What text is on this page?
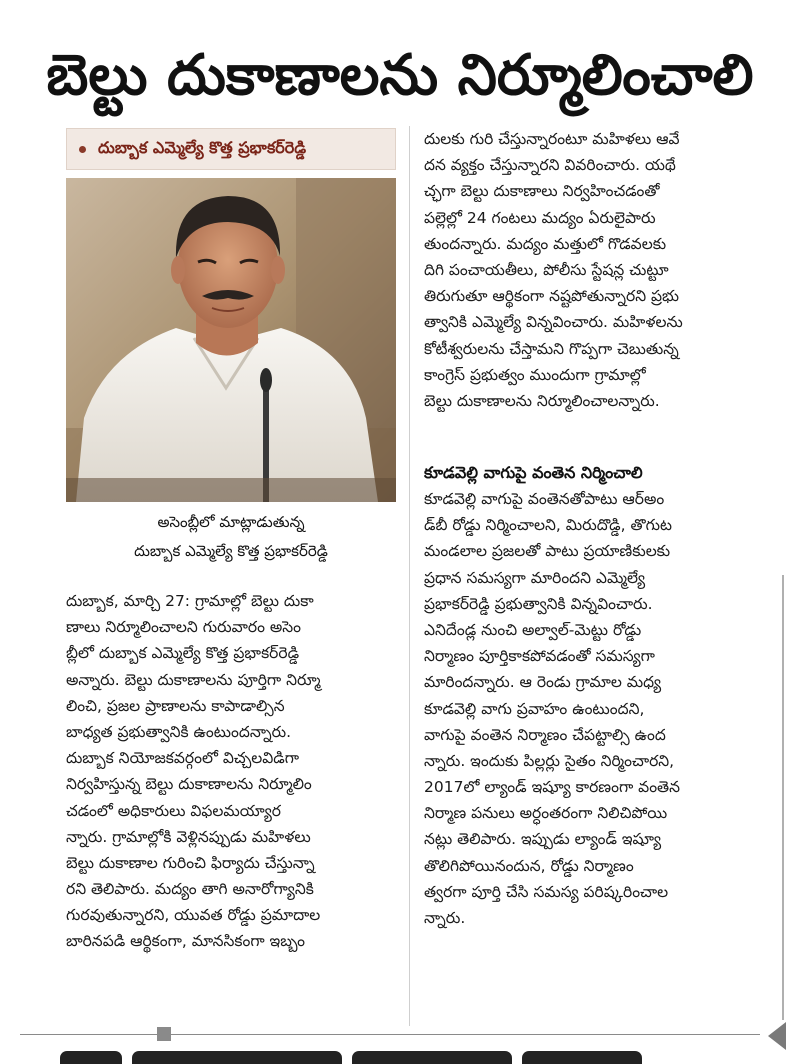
బెల్టు దుకాణాలను నిర్మూలించాలి
దుబ్బాక ఎమ్మెల్యే కొత్త ప్రభాకర్‌రెడ్డి
అసెంబ్లీలో మాట్లాడుతున్న
దుబ్బాక ఎమ్మెల్యే కొత్త ప్రభాకర్‌రెడ్డి
దుబ్బాక, మార్చి 27: గ్రామాల్లో బెల్టు దుకా
ణాలు నిర్మూలించాలని గురువారం అసెం
బ్లీలో దుబ్బాక ఎమ్మెల్యే కొత్త ప్రభాకర్‌రెడ్డి
అన్నారు. బెల్టు దుకాణాలను పూర్తిగా నిర్మూ
లించి, ప్రజల ప్రాణాలను కాపాడాల్సిన
బాధ్యత ప్రభుత్వానికి ఉంటుందన్నారు.
దుబ్బాక నియోజకవర్గంలో విచ్చలవిడిగా
నిర్వహిస్తున్న బెల్టు దుకాణాలను నిర్మూలిం
చడంలో అధికారులు విఫలమయ్యార
న్నారు. గ్రామాల్లోకి వెళ్లినప్పుడు మహిళలు
బెల్టు దుకాణాల గురించి ఫిర్యాదు చేస్తున్నా
రని తెలిపారు. మద్యం తాగి అనారోగ్యానికి
గురవుతున్నారని, యువత రోడ్డు ప్రమాదాల
బారినపడి ఆర్థికంగా, మానసికంగా ఇబ్బం
దులకు గురి చేస్తున్నారంటూ మహిళలు ఆవే
దన వ్యక్తం చేస్తున్నారని వివరించారు. యథే
చ్ఛగా బెల్టు దుకాణాలు నిర్వహించడంతో
పల్లెల్లో 24 గంటలు మద్యం ఏరులైపారు
తుందన్నారు. మద్యం మత్తులో గొడవలకు
దిగి పంచాయతీలు, పోలీసు స్టేషన్ల చుట్టూ
తిరుగుతూ ఆర్థికంగా నష్టపోతున్నారని ప్రభు
త్వానికి ఎమ్మెల్యే విన్నవించారు. మహిళలను
కోటీశ్వరులను చేస్తామని గొప్పగా చెబుతున్న
కాంగ్రెస్ ప్రభుత్వం ముందుగా గ్రామాల్లో
బెల్టు దుకాణాలను నిర్మూలించాలన్నారు.
కూడవెల్లి వాగుపై వంతెన నిర్మించాలి
కూడవెల్లి వాగుపై వంతెనతోపాటు ఆర్అం
డ్‌బీ రోడ్డు నిర్మించాలని, మిరుదొడ్డి, తొగుట
మండలాల ప్రజలతో పాటు ప్రయాణికులకు
ప్రధాన సమస్యగా మారిందని ఎమ్మెల్యే
ప్రభాకర్‌రెడ్డి ప్రభుత్వానికి విన్నవించారు.
ఎనిదేండ్ల నుంచి అల్వాల్-మెట్టు రోడ్డు
నిర్మాణం పూర్తికాకపోవడంతో సమస్యగా
మారిందన్నారు. ఆ రెండు గ్రామాల మధ్య
కూడవెల్లి వాగు ప్రవాహం ఉంటుందని,
వాగుపై వంతెన నిర్మాణం చేపట్టాల్సి ఉంద
న్నారు. ఇందుకు పిల్లర్లు సైతం నిర్మించారని,
2017లో ల్యాండ్ ఇష్యూ కారణంగా వంతెన
నిర్మాణ పనులు అర్ధంతరంగా నిలిచిపోయి
నట్లు తెలిపారు. ఇప్పుడు ల్యాండ్ ఇష్యూ
తొలిగిపోయినందున, రోడ్డు నిర్మాణం
త్వరగా పూర్తి చేసి సమస్య పరిష్కరించాల
న్నారు.
